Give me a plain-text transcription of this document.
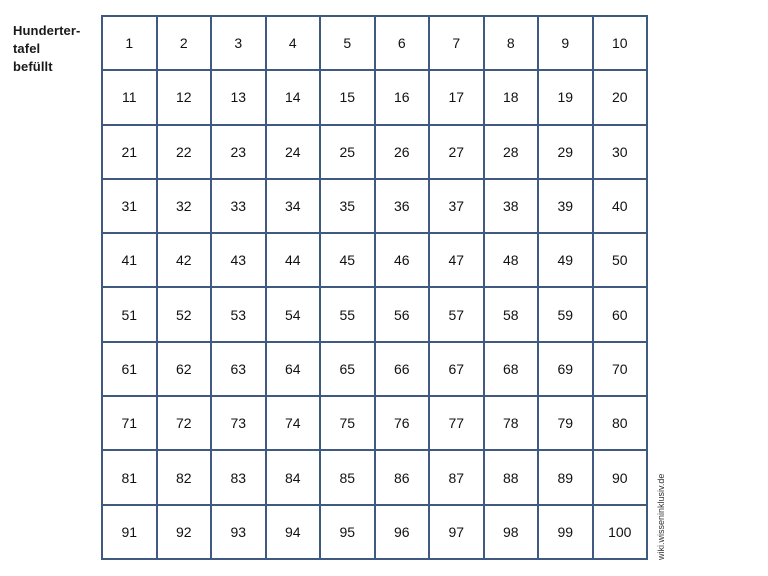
Hunderter-
tafel
befüllt
1	2	3	4	5	6	7	8	9	10
11	12	13	14	15	16	17	18	19	20
21	22	23	24	25	26	27	28	29	30
31	32	33	34	35	36	37	38	39	40
41	42	43	44	45	46	47	48	49	50
51	52	53	54	55	56	57	58	59	60
61	62	63	64	65	66	67	68	69	70
71	72	73	74	75	76	77	78	79	80
81	82	83	84	85	86	87	88	89	90
91	92	93	94	95	96	97	98	99	100	wiki.wisseninklusiv.de
